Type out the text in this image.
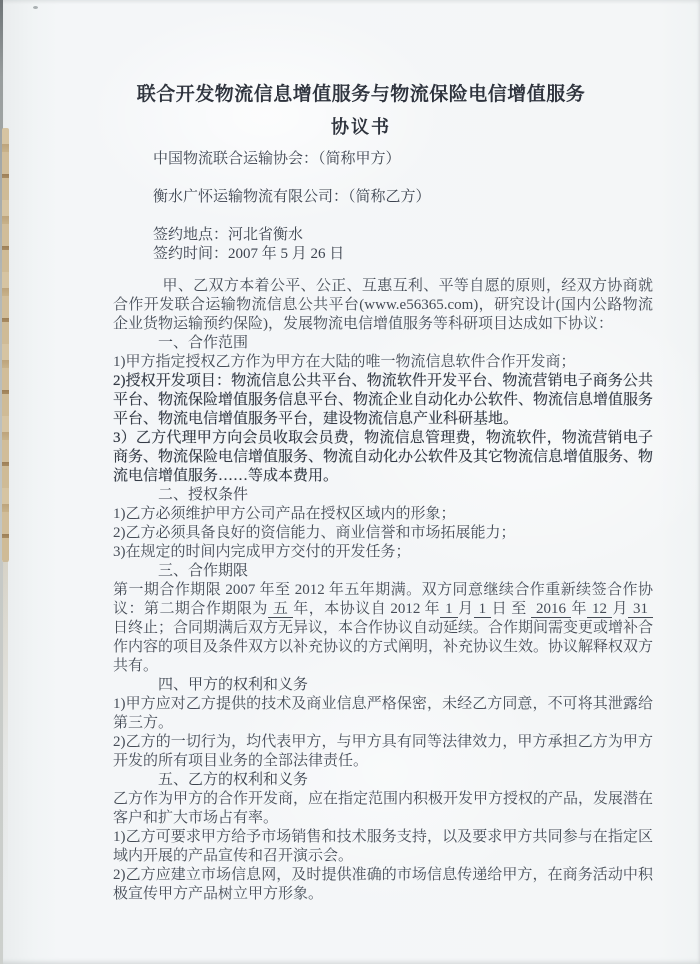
联合开发物流信息增值服务与物流保险电信增值服务
协议书

中国物流联合运输协会：（简称甲方）

衡水广怀运输物流有限公司：（简称乙方）

签约地点：河北省衡水

签约时间：2007 年 5 月 26 日

甲、乙双方本着公平、公正、互惠互利、平等自愿的原则，经双方协商就合作开发联合运输物流信息公共平台(www.e56365.com)，研究设计(国内公路物流企业货物运输预约保险)，发展物流电信增值服务等科研项目达成如下协议：

一、合作范围

1)甲方指定授权乙方作为甲方在大陆的唯一物流信息软件合作开发商；

2)授权开发项目：物流信息公共平台、物流软件开发平台、物流营销电子商务公共平台、物流保险增值服务信息平台、物流企业自动化办公软件、物流信息增值服务平台、物流电信增值服务平台，建设物流信息产业科研基地。

3）乙方代理甲方向会员收取会员费，物流信息管理费，物流软件，物流营销电子商务、物流保险电信增值服务、物流自动化办公软件及其它物流信息增值服务、物流电信增值服务……等成本费用。

二、授权条件

1)乙方必须维护甲方公司产品在授权区域内的形象；

2)乙方必须具备良好的资信能力、商业信誉和市场拓展能力；

3)在规定的时间内完成甲方交付的开发任务；

三、合作期限

第一期合作期限 2007 年至 2012 年五年期满。双方同意继续合作重新续签合作协议：第二期合作期限为 五 年，本协议自 2012 年 1 月 1 日 至 2016 年 12 月 31日终止；合同期满后双方无异议，本合作协议自动延续。合作期间需变更或增补合作内容的项目及条件双方以补充协议的方式阐明，补充协议生效。协议解释权双方共有。

四、甲方的权利和义务

1)甲方应对乙方提供的技术及商业信息严格保密，未经乙方同意，不可将其泄露给第三方。

2)乙方的一切行为，均代表甲方，与甲方具有同等法律效力，甲方承担乙方为甲方开发的所有项目业务的全部法律责任。

五、乙方的权利和义务

乙方作为甲方的合作开发商，应在指定范围内积极开发甲方授权的产品，发展潜在客户和扩大市场占有率。

1)乙方可要求甲方给予市场销售和技术服务支持，以及要求甲方共同参与在指定区域内开展的产品宣传和召开演示会。

2)乙方应建立市场信息网，及时提供准确的市场信息传递给甲方，在商务活动中积极宣传甲方产品树立甲方形象。
